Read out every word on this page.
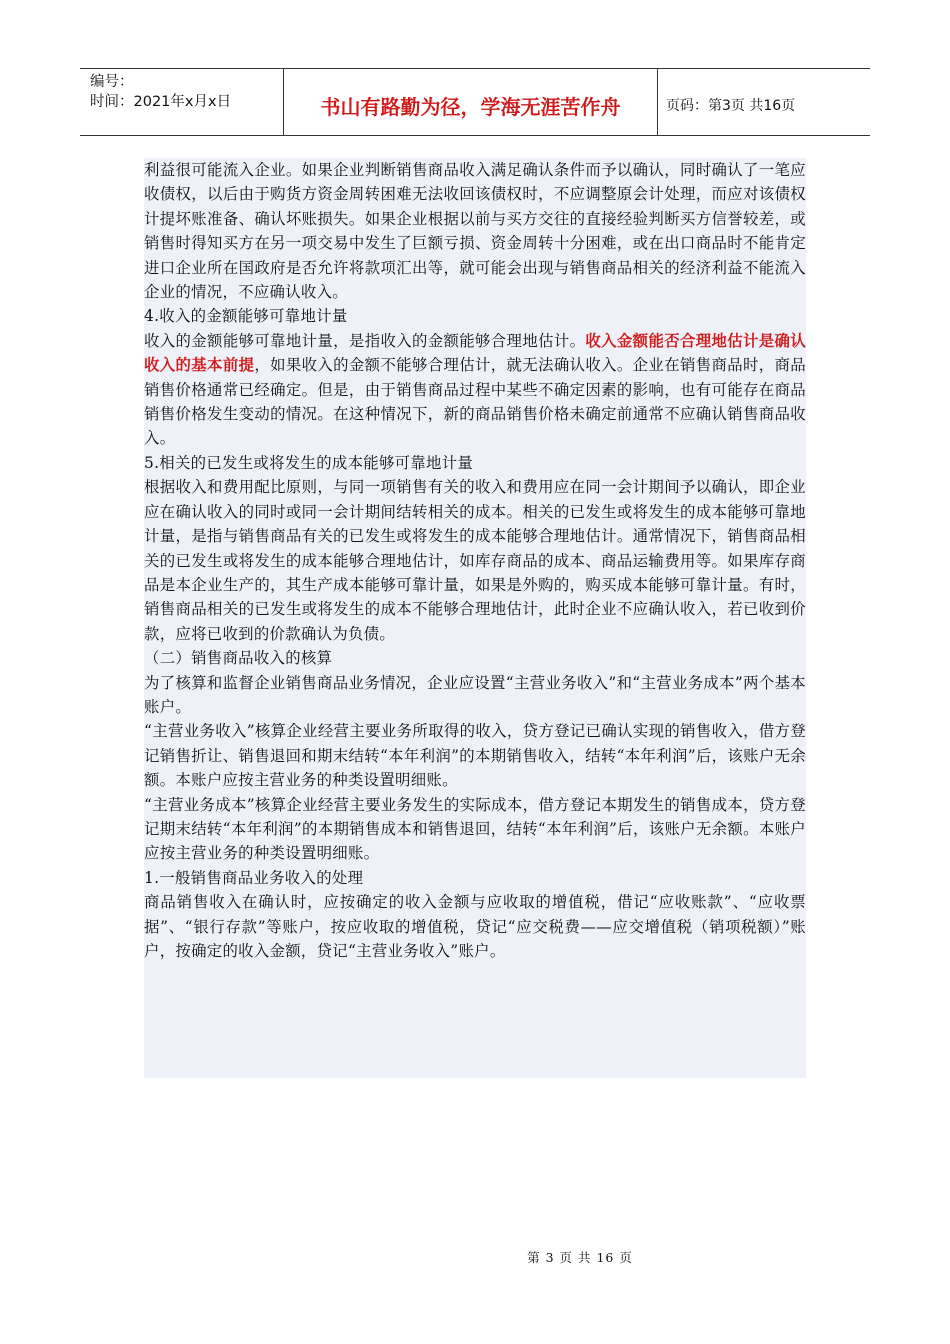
编号：
时间：2021年x月x日	书山有路勤为径，学海无涯苦作舟	页码：第3页 共16页

利益很可能流入企业。如果企业判断销售商品收入满足确认条件而予以确认，同时确认了一笔应收债权，以后由于购货方资金周转困难无法收回该债权时，不应调整原会计处理，而应对该债权计提坏账准备、确认坏账损失。如果企业根据以前与买方交往的直接经验判断买方信誉较差，或销售时得知买方在另一项交易中发生了巨额亏损、资金周转十分困难，或在出口商品时不能肯定进口企业所在国政府是否允许将款项汇出等，就可能会出现与销售商品相关的经济利益不能流入企业的情况，不应确认收入。

4.收入的金额能够可靠地计量

收入的金额能够可靠地计量，是指收入的金额能够合理地估计。收入金额能否合理地估计是确认收入的基本前提，如果收入的金额不能够合理估计，就无法确认收入。企业在销售商品时，商品销售价格通常已经确定。但是，由于销售商品过程中某些不确定因素的影响，也有可能存在商品销售价格发生变动的情况。在这种情况下，新的商品销售价格未确定前通常不应确认销售商品收入。

5.相关的已发生或将发生的成本能够可靠地计量

根据收入和费用配比原则，与同一项销售有关的收入和费用应在同一会计期间予以确认，即企业应在确认收入的同时或同一会计期间结转相关的成本。相关的已发生或将发生的成本能够可靠地计量，是指与销售商品有关的已发生或将发生的成本能够合理地估计。通常情况下，销售商品相关的已发生或将发生的成本能够合理地估计，如库存商品的成本、商品运输费用等。如果库存商品是本企业生产的，其生产成本能够可靠计量，如果是外购的，购买成本能够可靠计量。有时，销售商品相关的已发生或将发生的成本不能够合理地估计，此时企业不应确认收入，若已收到价款，应将已收到的价款确认为负债。

（二）销售商品收入的核算

为了核算和监督企业销售商品业务情况，企业应设置“主营业务收入”和“主营业务成本”两个基本账户。

“主营业务收入”核算企业经营主要业务所取得的收入，贷方登记已确认实现的销售收入，借方登记销售折让、销售退回和期末结转“本年利润”的本期销售收入，结转“本年利润”后，该账户无余额。本账户应按主营业务的种类设置明细账。

“主营业务成本”核算企业经营主要业务发生的实际成本，借方登记本期发生的销售成本，贷方登记期末结转“本年利润”的本期销售成本和销售退回，结转“本年利润”后，该账户无余额。本账户应按主营业务的种类设置明细账。

1.一般销售商品业务收入的处理

商品销售收入在确认时，应按确定的收入金额与应收取的增值税，借记“应收账款”、“应收票据”、“银行存款”等账户，按应收取的增值税，贷记“应交税费——应交增值税（销项税额）”账户，按确定的收入金额，贷记“主营业务收入”账户。

第 3 页 共 16 页
